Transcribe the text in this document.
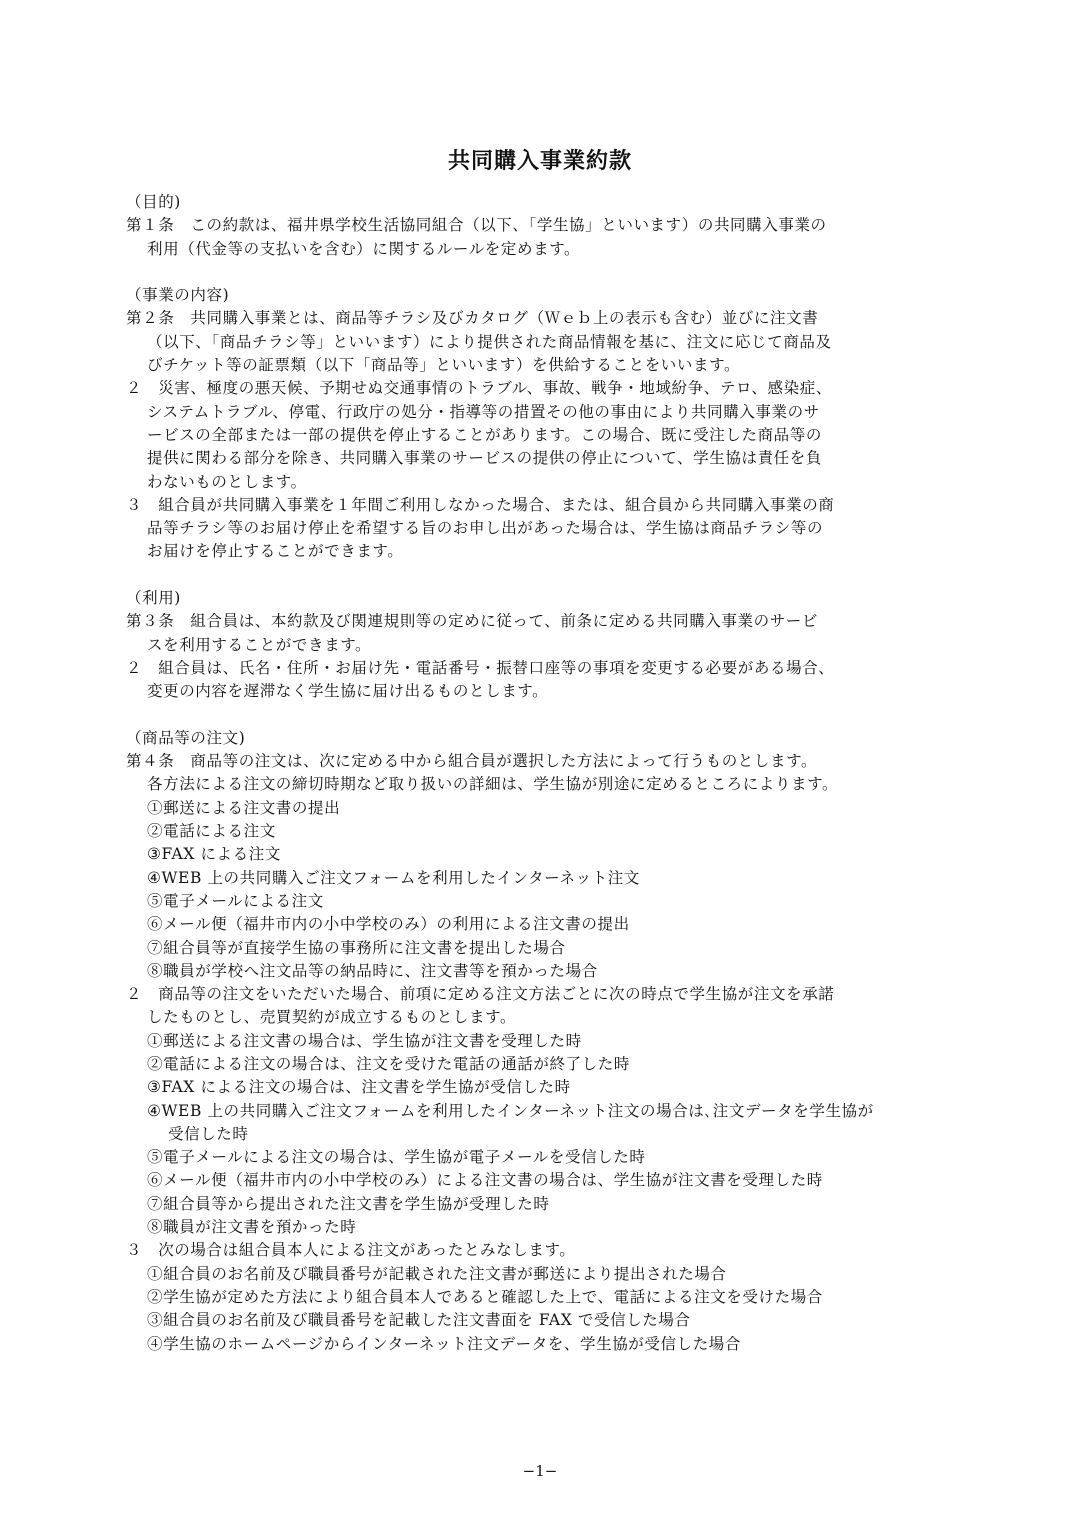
共同購入事業約款
（目的)
第１条　この約款は、福井県学校生活協同組合（以下、｢学生協」といいます）の共同購入事業の
利用（代金等の支払いを含む）に関するルールを定めます。
（事業の内容)
第２条　共同購入事業とは、商品等チラシ及びカタログ（Ｗｅｂ上の表示も含む）並びに注文書
（以下、｢商品チラシ等」といいます）により提供された商品情報を基に、注文に応じて商品及
びチケット等の証票類（以下「商品等」といいます）を供給することをいいます。
２　災害、極度の悪天候、予期せぬ交通事情のトラブル、事故、戦争・地域紛争、テロ、感染症、
システムトラブル、停電、行政庁の処分・指導等の措置その他の事由により共同購入事業のサ
ービスの全部または一部の提供を停止することがあります。この場合、既に受注した商品等の
提供に関わる部分を除き、共同購入事業のサービスの提供の停止について、学生協は責任を負
わないものとします。
３　組合員が共同購入事業を１年間ご利用しなかった場合、または、組合員から共同購入事業の商
品等チラシ等のお届け停止を希望する旨のお申し出があった場合は、学生協は商品チラシ等の
お届けを停止することができます。
（利用)
第３条　組合員は、本約款及び関連規則等の定めに従って、前条に定める共同購入事業のサービ
スを利用することができます。
２　組合員は、氏名・住所・お届け先・電話番号・振替口座等の事項を変更する必要がある場合、
変更の内容を遅滞なく学生協に届け出るものとします。
（商品等の注文)
第４条　商品等の注文は、次に定める中から組合員が選択した方法によって行うものとします。
各方法による注文の締切時期など取り扱いの詳細は、学生協が別途に定めるところによります。
①郵送による注文書の提出
②電話による注文
③FAX による注文
④WEB 上の共同購入ご注文フォームを利用したインターネット注文
⑤電子メールによる注文
⑥メール便（福井市内の小中学校のみ）の利用による注文書の提出
⑦組合員等が直接学生協の事務所に注文書を提出した場合
⑧職員が学校へ注文品等の納品時に、注文書等を預かった場合
２　商品等の注文をいただいた場合、前項に定める注文方法ごとに次の時点で学生協が注文を承諾
したものとし、売買契約が成立するものとします。
①郵送による注文書の場合は、学生協が注文書を受理した時
②電話による注文の場合は、注文を受けた電話の通話が終了した時
③FAX による注文の場合は、注文書を学生協が受信した時
④WEB 上の共同購入ご注文フォームを利用したインターネット注文の場合は､注文データを学生協が
受信した時
⑤電子メールによる注文の場合は、学生協が電子メールを受信した時
⑥メール便（福井市内の小中学校のみ）による注文書の場合は、学生協が注文書を受理した時
⑦組合員等から提出された注文書を学生協が受理した時
⑧職員が注文書を預かった時
３　次の場合は組合員本人による注文があったとみなします。
①組合員のお名前及び職員番号が記載された注文書が郵送により提出された場合
②学生協が定めた方法により組合員本人であると確認した上で、電話による注文を受けた場合
③組合員のお名前及び職員番号を記載した注文書面を FAX で受信した場合
④学生協のホームページからインターネット注文データを、学生協が受信した場合
−1−
